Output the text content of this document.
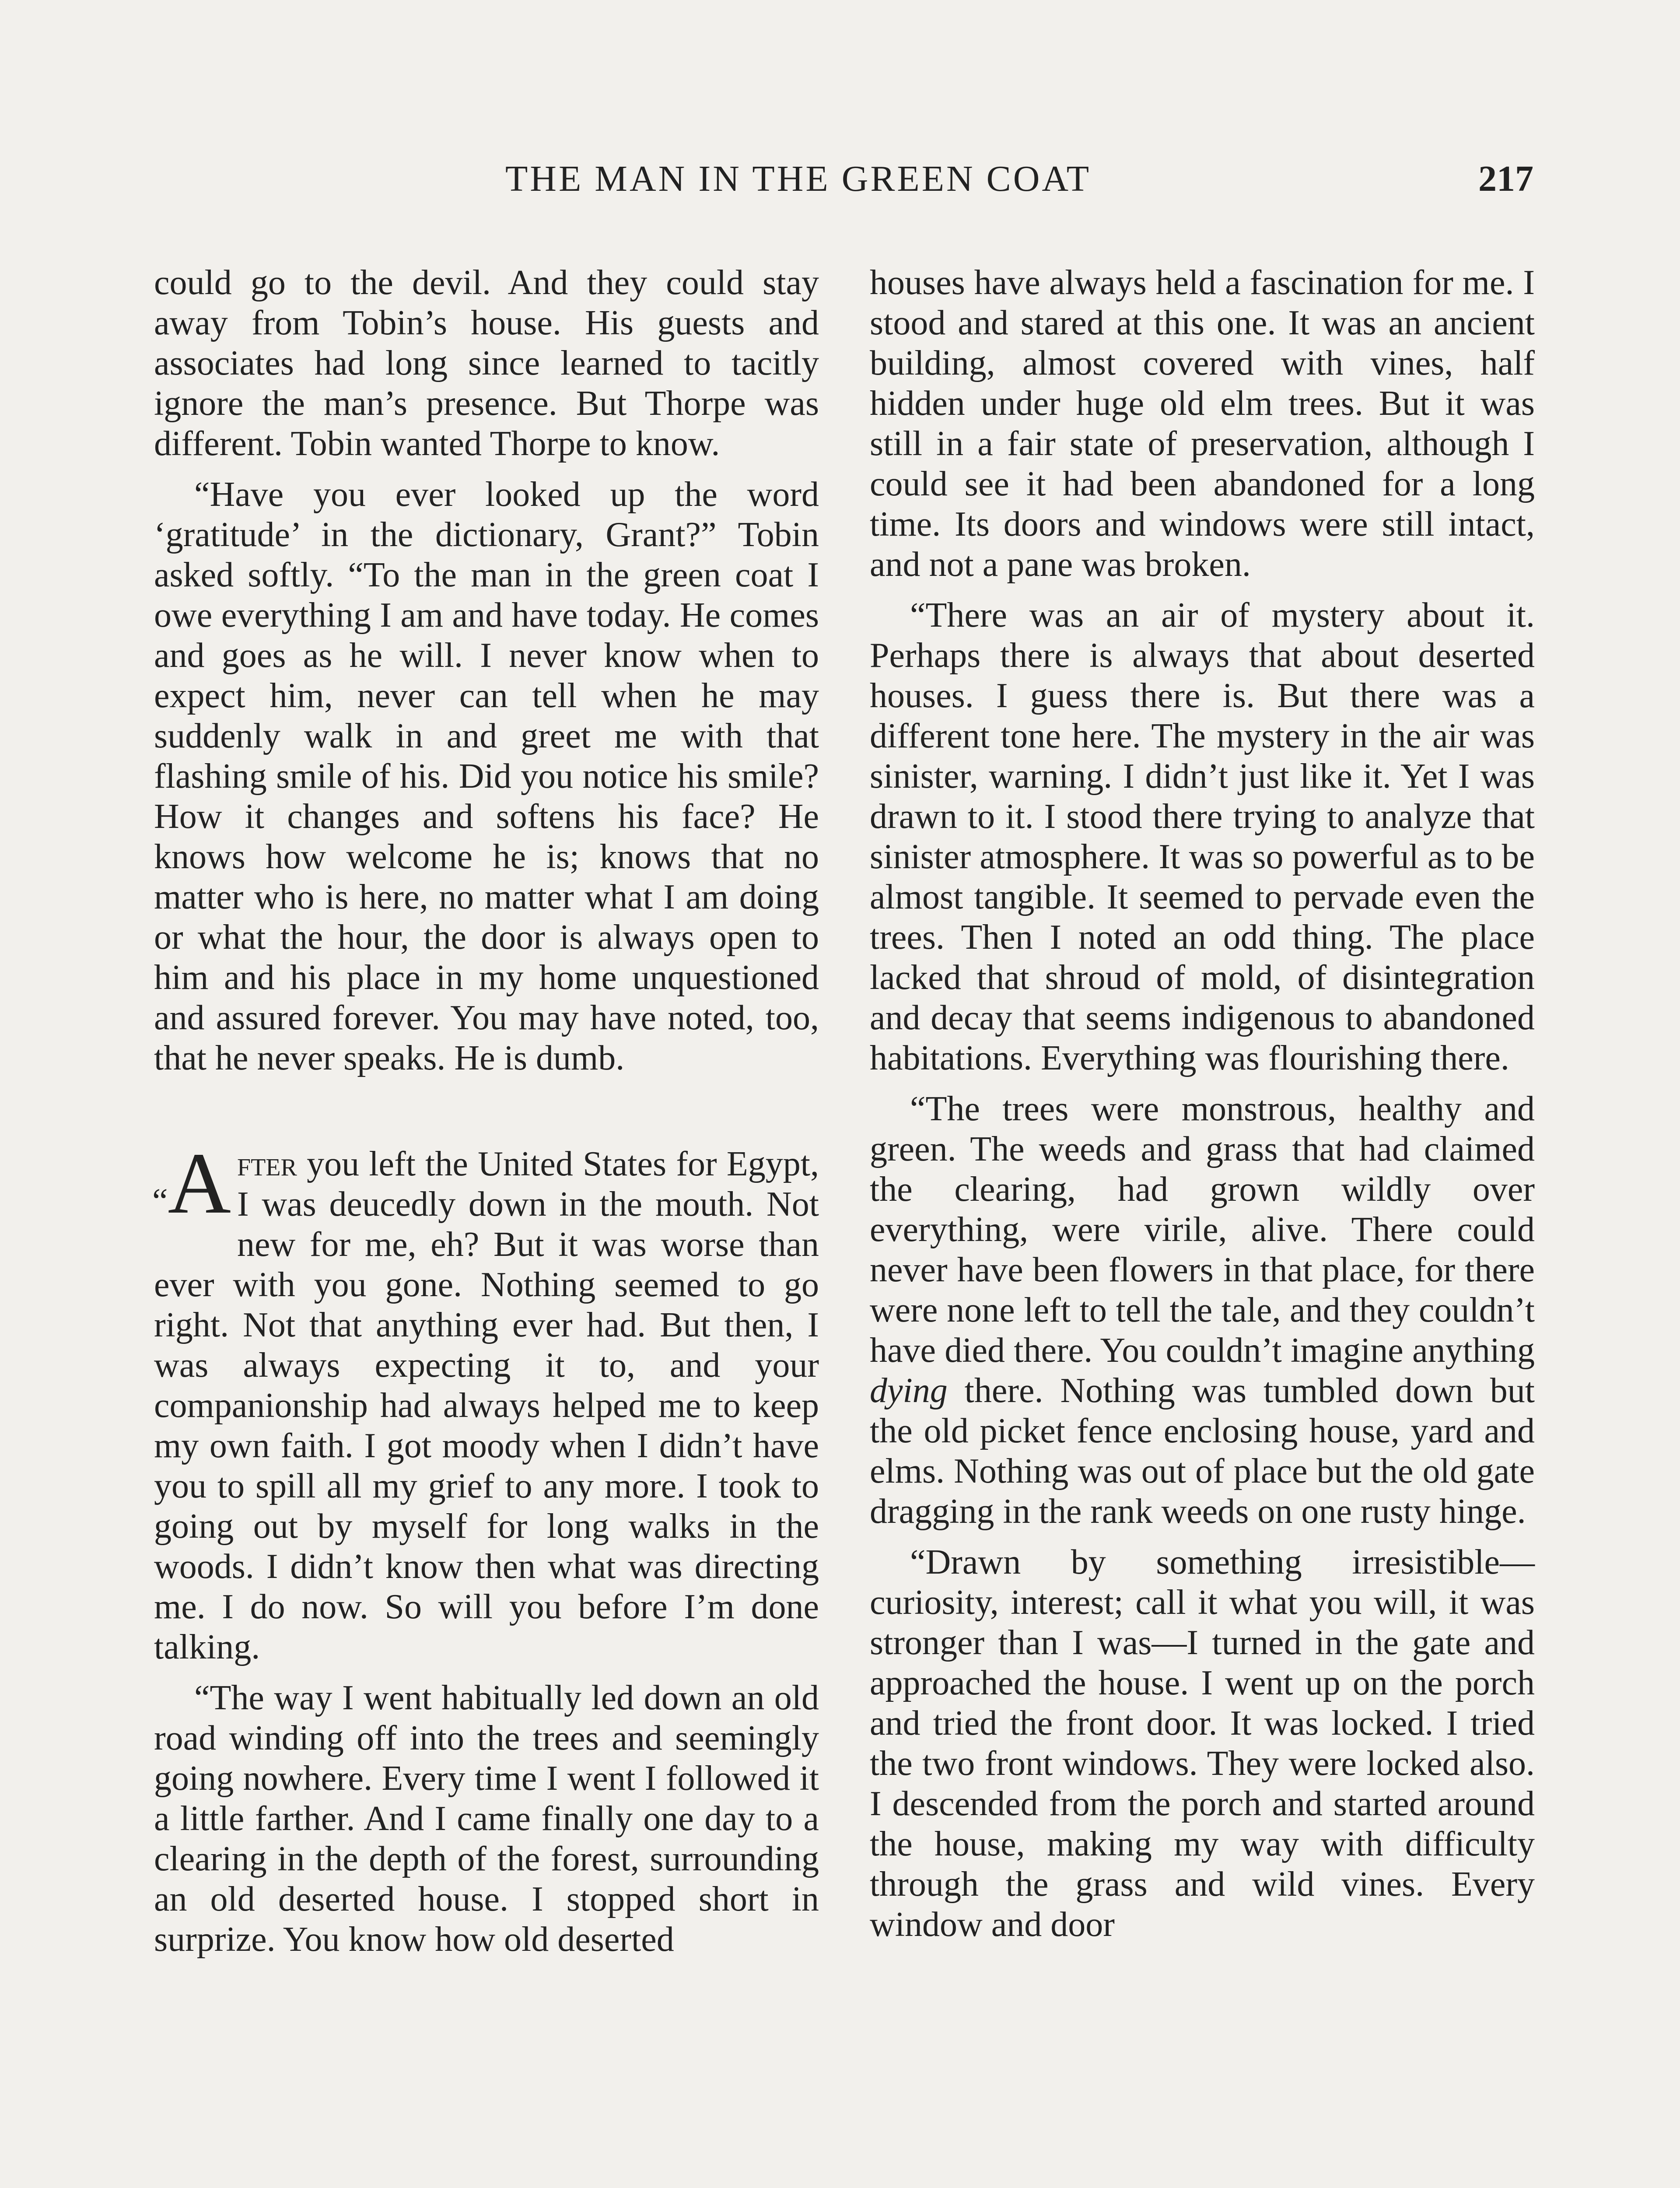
THE MAN IN THE GREEN COAT	217

could go to the devil. And they could stay away from Tobin’s house. His guests and associates had long since learned to tacitly ignore the man’s presence. But Thorpe was different. Tobin wanted Thorpe to know.

“Have you ever looked up the word ‘gratitude’ in the dictionary, Grant?” Tobin asked softly. “To the man in the green coat I owe everything I am and have today. He comes and goes as he will. I never know when to expect him, never can tell when he may suddenly walk in and greet me with that flashing smile of his. Did you notice his smile? How it changes and softens his face? He knows how welcome he is; knows that no matter who is here, no matter what I am doing or what the hour, the door is always open to him and his place in my home unquestioned and assured forever. You may have noted, too, that he never speaks. He is dumb.

“A fter you left the United States for Egypt, I was deucedly down in the mouth. Not new for me, eh? But it was worse than ever with you gone. Nothing seemed to go right. Not that anything ever had. But then, I was always expecting it to, and your companionship had always helped me to keep my own faith. I got moody when I didn’t have you to spill all my grief to any more. I took to going out by myself for long walks in the woods. I didn’t know then what was directing me. I do now. So will you before I’m done talking.

“The way I went habitually led down an old road winding off into the trees and seemingly going nowhere. Every time I went I followed it a little farther. And I came finally one day to a clearing in the depth of the forest, surrounding an old deserted house. I stopped short in surprize. You know how old deserted

houses have always held a fascination for me. I stood and stared at this one. It was an ancient building, almost covered with vines, half hidden under huge old elm trees. But it was still in a fair state of preservation, although I could see it had been abandoned for a long time. Its doors and windows were still intact, and not a pane was broken.

“There was an air of mystery about it. Perhaps there is always that about deserted houses. I guess there is. But there was a different tone here. The mystery in the air was sinister, warning. I didn’t just like it. Yet I was drawn to it. I stood there trying to analyze that sinister atmosphere. It was so powerful as to be almost tangible. It seemed to pervade even the trees. Then I noted an odd thing. The place lacked that shroud of mold, of disintegration and decay that seems indigenous to abandoned habitations. Everything was flourishing there.

“The trees were monstrous, healthy and green. The weeds and grass that had claimed the clearing, had grown wildly over everything, were virile, alive. There could never have been flowers in that place, for there were none left to tell the tale, and they couldn’t have died there. You couldn’t imagine anything dying there. Nothing was tumbled down but the old picket fence enclosing house, yard and elms. Nothing was out of place but the old gate dragging in the rank weeds on one rusty hinge.

“Drawn by something irresistible—curiosity, interest; call it what you will, it was stronger than I was—I turned in the gate and approached the house. I went up on the porch and tried the front door. It was locked. I tried the two front windows. They were locked also. I descended from the porch and started around the house, making my way with difficulty through the grass and wild vines. Every window and door
